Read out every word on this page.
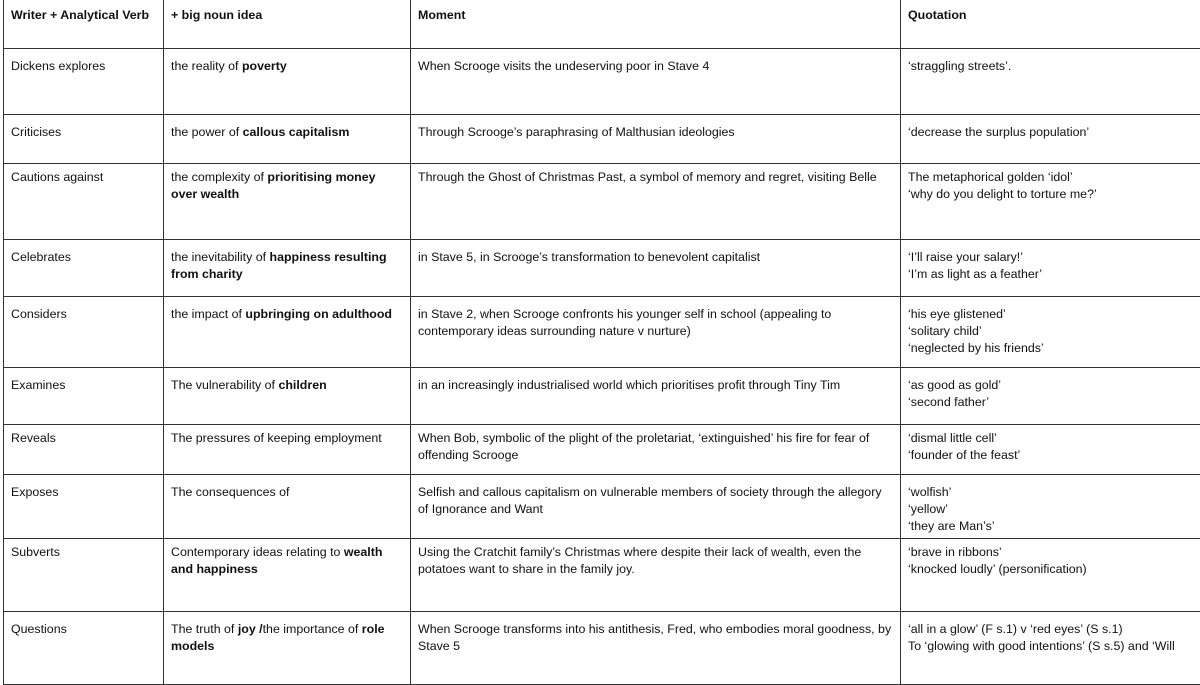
Writer + Analytical Verb	+ big noun idea	Moment	Quotation
Dickens explores	the reality of poverty	When Scrooge visits the undeserving poor in Stave 4	‘straggling streets’.

Criticises	the power of callous capitalism	Through Scrooge’s paraphrasing of Malthusian ideologies	‘decrease the surplus population’

Cautions against	the complexity of prioritising money over wealth	Through the Ghost of Christmas Past, a symbol of memory and regret, visiting Belle	The metaphorical golden ‘idol’
‘why do you delight to torture me?’

Celebrates	the inevitability of happiness resulting from charity	in Stave 5, in Scrooge’s transformation to benevolent capitalist	‘I’ll raise your salary!’
‘I’m as light as a feather’

Considers	the impact of upbringing on adulthood	in Stave 2, when Scrooge confronts his younger self in school (appealing to contemporary ideas surrounding nature v nurture)	‘his eye glistened’
‘solitary child’
‘neglected by his friends’

Examines	The vulnerability of children	in an increasingly industrialised world which prioritises profit through Tiny Tim	‘as good as gold’
‘second father’

Reveals	The pressures of keeping employment	When Bob, symbolic of the plight of the proletariat, ‘extinguished’ his fire for fear of offending Scrooge	‘dismal little cell’
‘founder of the feast’

Exposes	The consequences of	Selfish and callous capitalism on vulnerable members of society through the allegory of Ignorance and Want	‘wolfish’
‘yellow’
‘they are Man’s’

Subverts	Contemporary ideas relating to wealth and happiness	Using the Cratchit family’s Christmas where despite their lack of wealth, even the potatoes want to share in the family joy.	‘brave in ribbons’
‘knocked loudly’ (personification)

Questions	The truth of joy /the importance of role models	When Scrooge transforms into his antithesis, Fred, who embodies moral goodness, by Stave 5	‘all in a glow’ (F s.1) v ‘red eyes’ (S s.1)
To ‘glowing with good intentions’ (S s.5) and ‘Will
